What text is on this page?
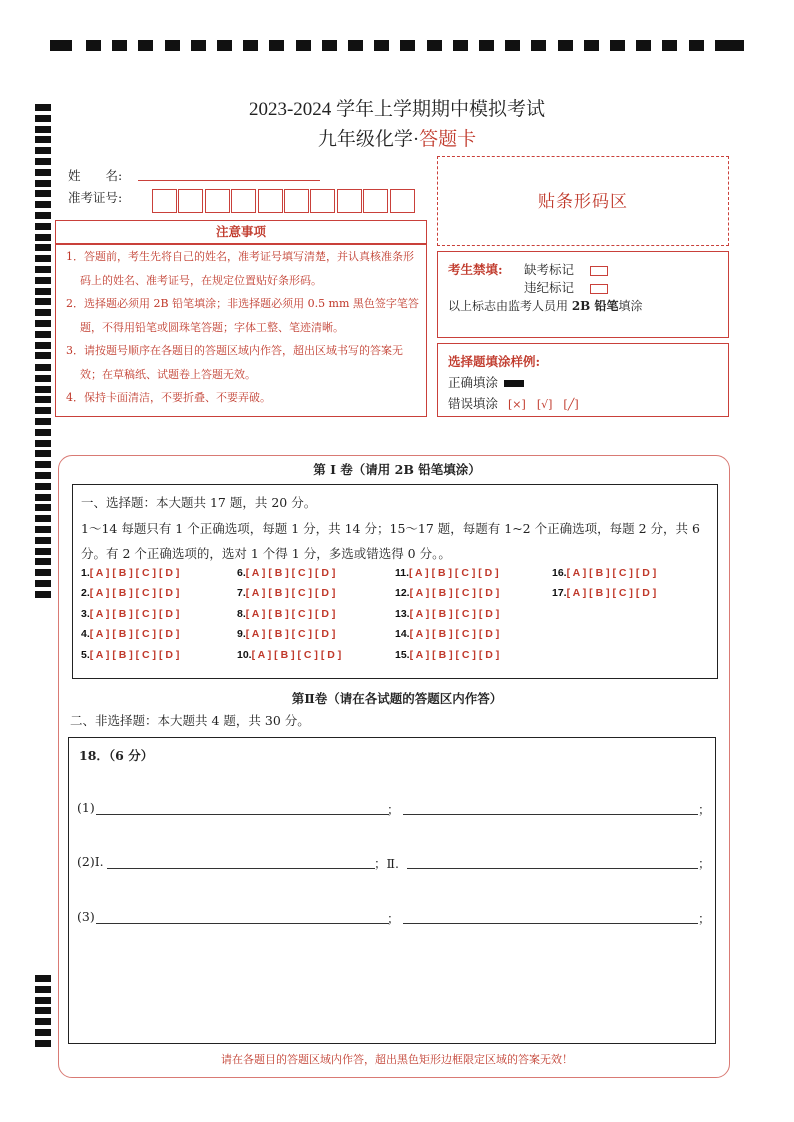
2023-2024 学年上学期期中模拟考试
九年级化学·答题卡
姓　　名:
准考证号:	贴条形码区
注意事项
1．答题前，考生先将自己的姓名，准考证号填写清楚，并认真核准条形码上的姓名、准考证号，在规定位置贴好条形码。
2．选择题必须用 2B 铅笔填涂；非选择题必须用 0.5 mm 黑色签字笔答题，不得用铅笔或圆珠笔答题；字体工整、笔迹清晰。
3．请按题号顺序在各题目的答题区域内作答，超出区域书写的答案无效；在草稿纸、试题卷上答题无效。
4．保持卡面清洁，不要折叠、不要弄破。
考生禁填: 缺考标记
违纪标记
以上标志由监考人员用 2B 铅笔填涂
选择题填涂样例:
正确填涂
错误填涂 [×]　[√]　[╱]
第 I 卷（请用 2B 铅笔填涂）
一、选择题：本大题共 17 题，共 20 分。
1～14 每题只有 1 个正确选项，每题 1 分，共 14 分；15～17 题，每题有 1~2 个正确选项，每题 2 分，共 6 分。有 2 个正确选项的，选对 1 个得 1 分，多选或错选得 0 分。。
1.[ A ] [ B ] [ C ] [ D ]
2.[ A ] [ B ] [ C ] [ D ]
3.[ A ] [ B ] [ C ] [ D ]
4.[ A ] [ B ] [ C ] [ D ]
5.[ A ] [ B ] [ C ] [ D ]
6.[ A ] [ B ] [ C ] [ D ]
7.[ A ] [ B ] [ C ] [ D ]
8.[ A ] [ B ] [ C ] [ D ]
9.[ A ] [ B ] [ C ] [ D ]
10.[ A ] [ B ] [ C ] [ D ]
11.[ A ] [ B ] [ C ] [ D ]
12.[ A ] [ B ] [ C ] [ D ]
13.[ A ] [ B ] [ C ] [ D ]
14.[ A ] [ B ] [ C ] [ D ]
15.[ A ] [ B ] [ C ] [ D ]
16.[ A ] [ B ] [ C ] [ D ]
17.[ A ] [ B ] [ C ] [ D ]
第Ⅱ卷（请在各试题的答题区内作答）
二、非选择题：本大题共 4 题，共 30 分。
18．（6 分）
(1)	；	；
(2)Ⅰ.	；Ⅱ.	；
(3)	；	；
请在各题目的答题区域内作答，超出黑色矩形边框限定区域的答案无效！
